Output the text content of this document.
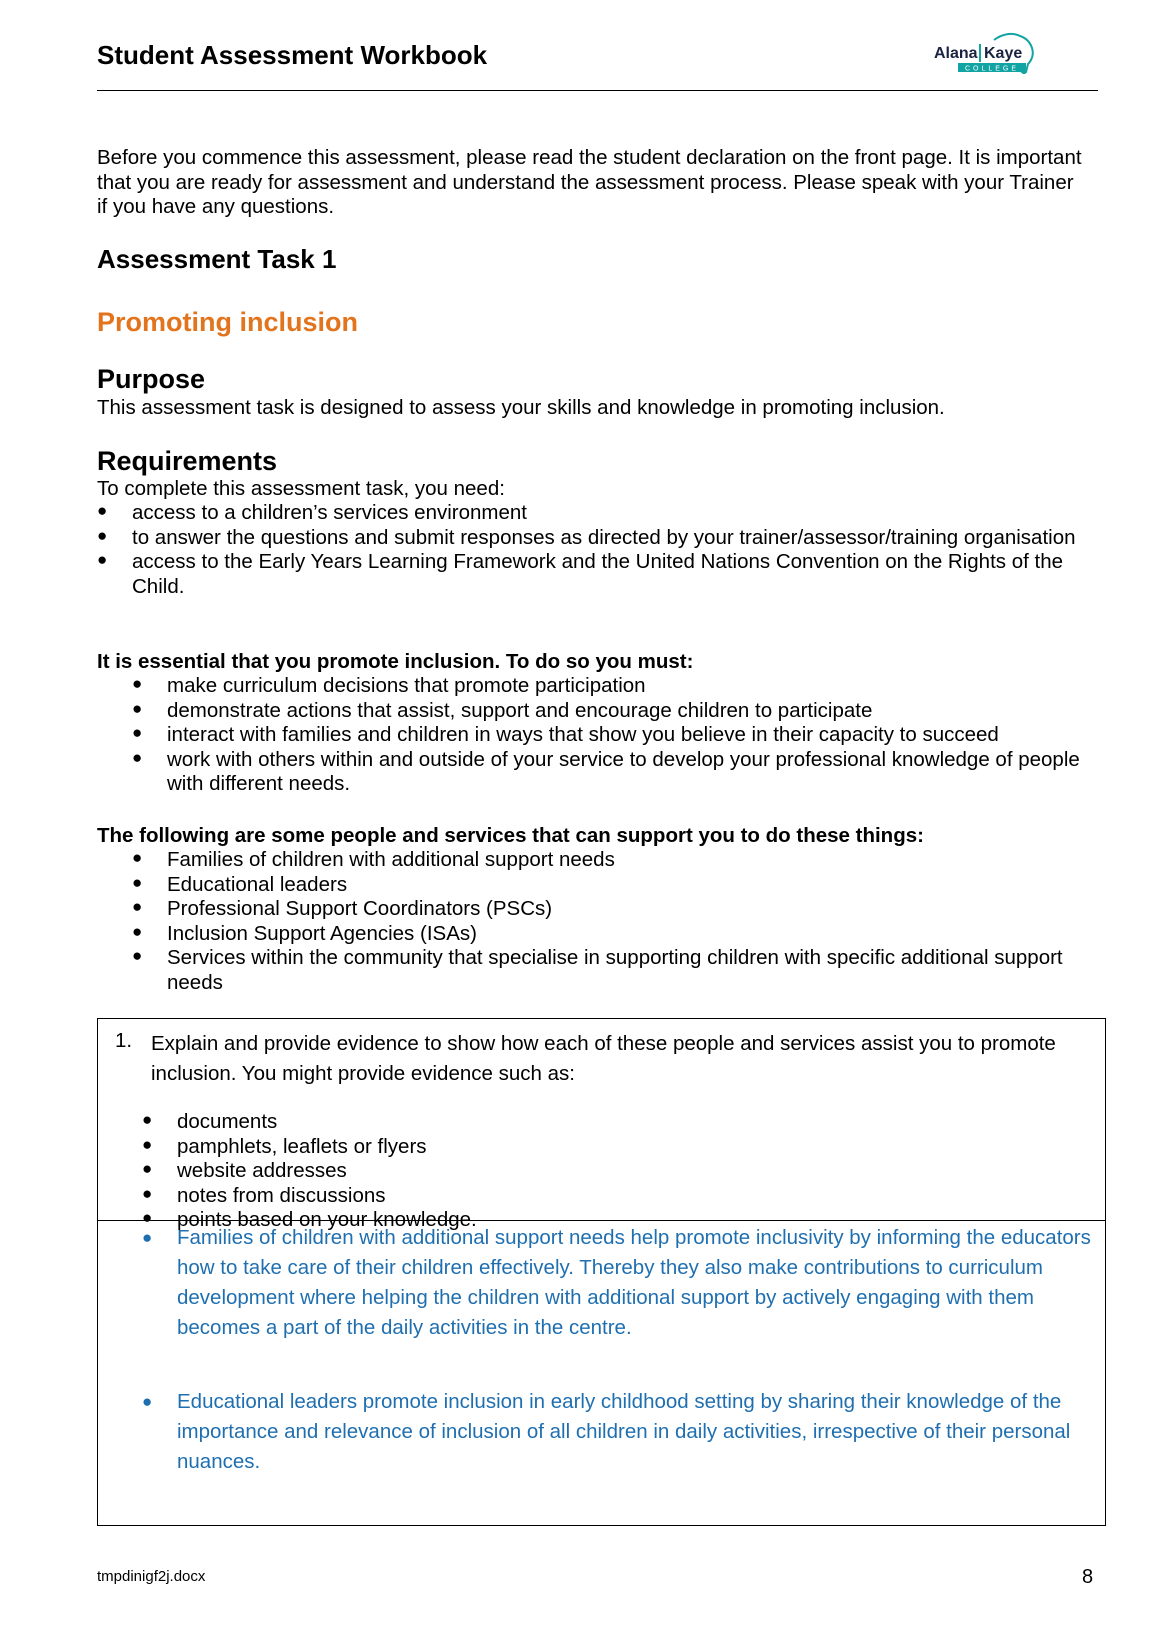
Student Assessment Workbook	Alana Kaye
COLLEGE
Before you commence this assessment, please read the student declaration on the front page. It is important that you are ready for assessment and understand the assessment process. Please speak with your Trainer if you have any questions.
Assessment Task 1
Promoting inclusion
Purpose
This assessment task is designed to assess your skills and knowledge in promoting inclusion.
Requirements
To complete this assessment task, you need:
● access to a children’s services environment
● to answer the questions and submit responses as directed by your trainer/assessor/training organisation
● access to the Early Years Learning Framework and the United Nations Convention on the Rights of the Child.
It is essential that you promote inclusion. To do so you must:
● make curriculum decisions that promote participation
● demonstrate actions that assist, support and encourage children to participate
● interact with families and children in ways that show you believe in their capacity to succeed
● work with others within and outside of your service to develop your professional knowledge of people with different needs.
The following are some people and services that can support you to do these things:
● Families of children with additional support needs
● Educational leaders
● Professional Support Coordinators (PSCs)
● Inclusion Support Agencies (ISAs)
● Services within the community that specialise in supporting children with specific additional support needs
1. Explain and provide evidence to show how each of these people and services assist you to promote inclusion. You might provide evidence such as:
● documents
● pamphlets, leaflets or flyers
● website addresses
● notes from discussions
● points based on your knowledge.
●	Families of children with additional support needs help promote inclusivity by informing the educators how to take care of their children effectively. Thereby they also make contributions to curriculum development where helping the children with additional support by actively engaging with them becomes a part of the daily activities in the centre.
●	Educational leaders promote inclusion in early childhood setting by sharing their knowledge of the importance and relevance of inclusion of all children in daily activities, irrespective of their personal nuances.
tmpdinigf2j.docx	8
